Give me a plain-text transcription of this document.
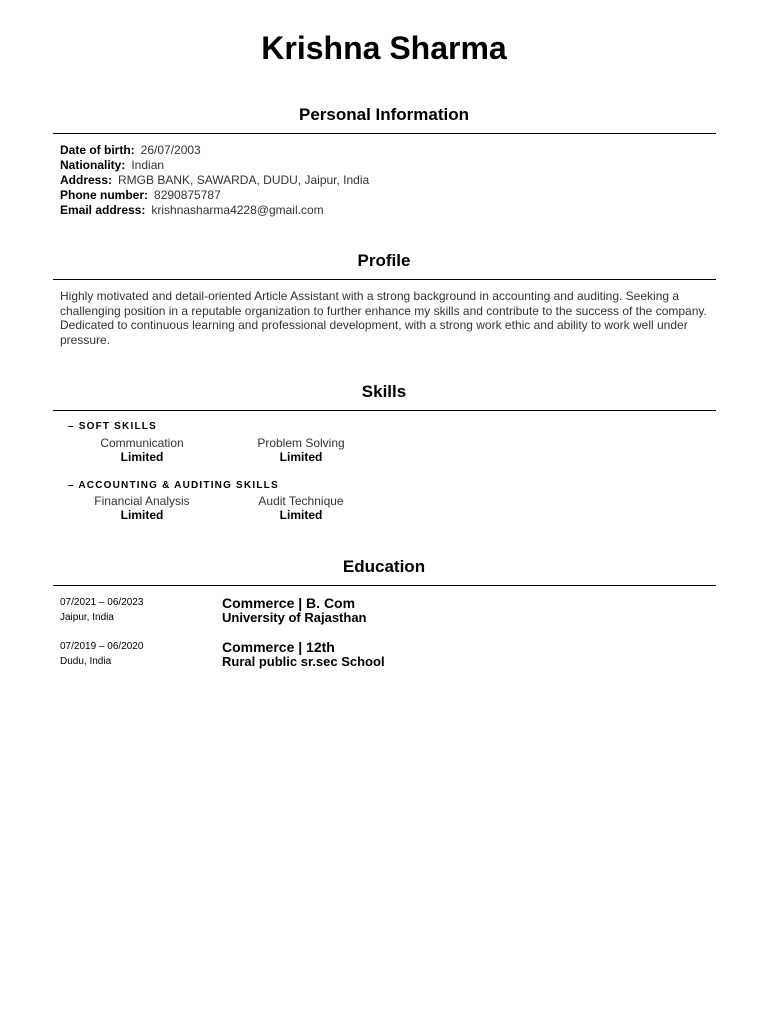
Krishna Sharma
Personal Information
Date of birth: 26/07/2003
Nationality: Indian
Address: RMGB BANK, SAWARDA, DUDU, Jaipur, India
Phone number: 8290875787
Email address: krishnasharma4228@gmail.com
Profile
Highly motivated and detail-oriented Article Assistant with a strong background in accounting and auditing. Seeking a challenging position in a reputable organization to further enhance my skills and contribute to the success of the company. Dedicated to continuous learning and professional development, with a strong work ethic and ability to work well under pressure.
Skills
– SOFT SKILLS
Communication
Limited
Problem Solving
Limited
– ACCOUNTING & AUDITING SKILLS
Financial Analysis
Limited
Audit Technique
Limited
Education
07/2021 – 06/2023
Jaipur, India
Commerce | B. Com
University of Rajasthan
07/2019 – 06/2020
Dudu, India
Commerce | 12th
Rural public sr.sec School
